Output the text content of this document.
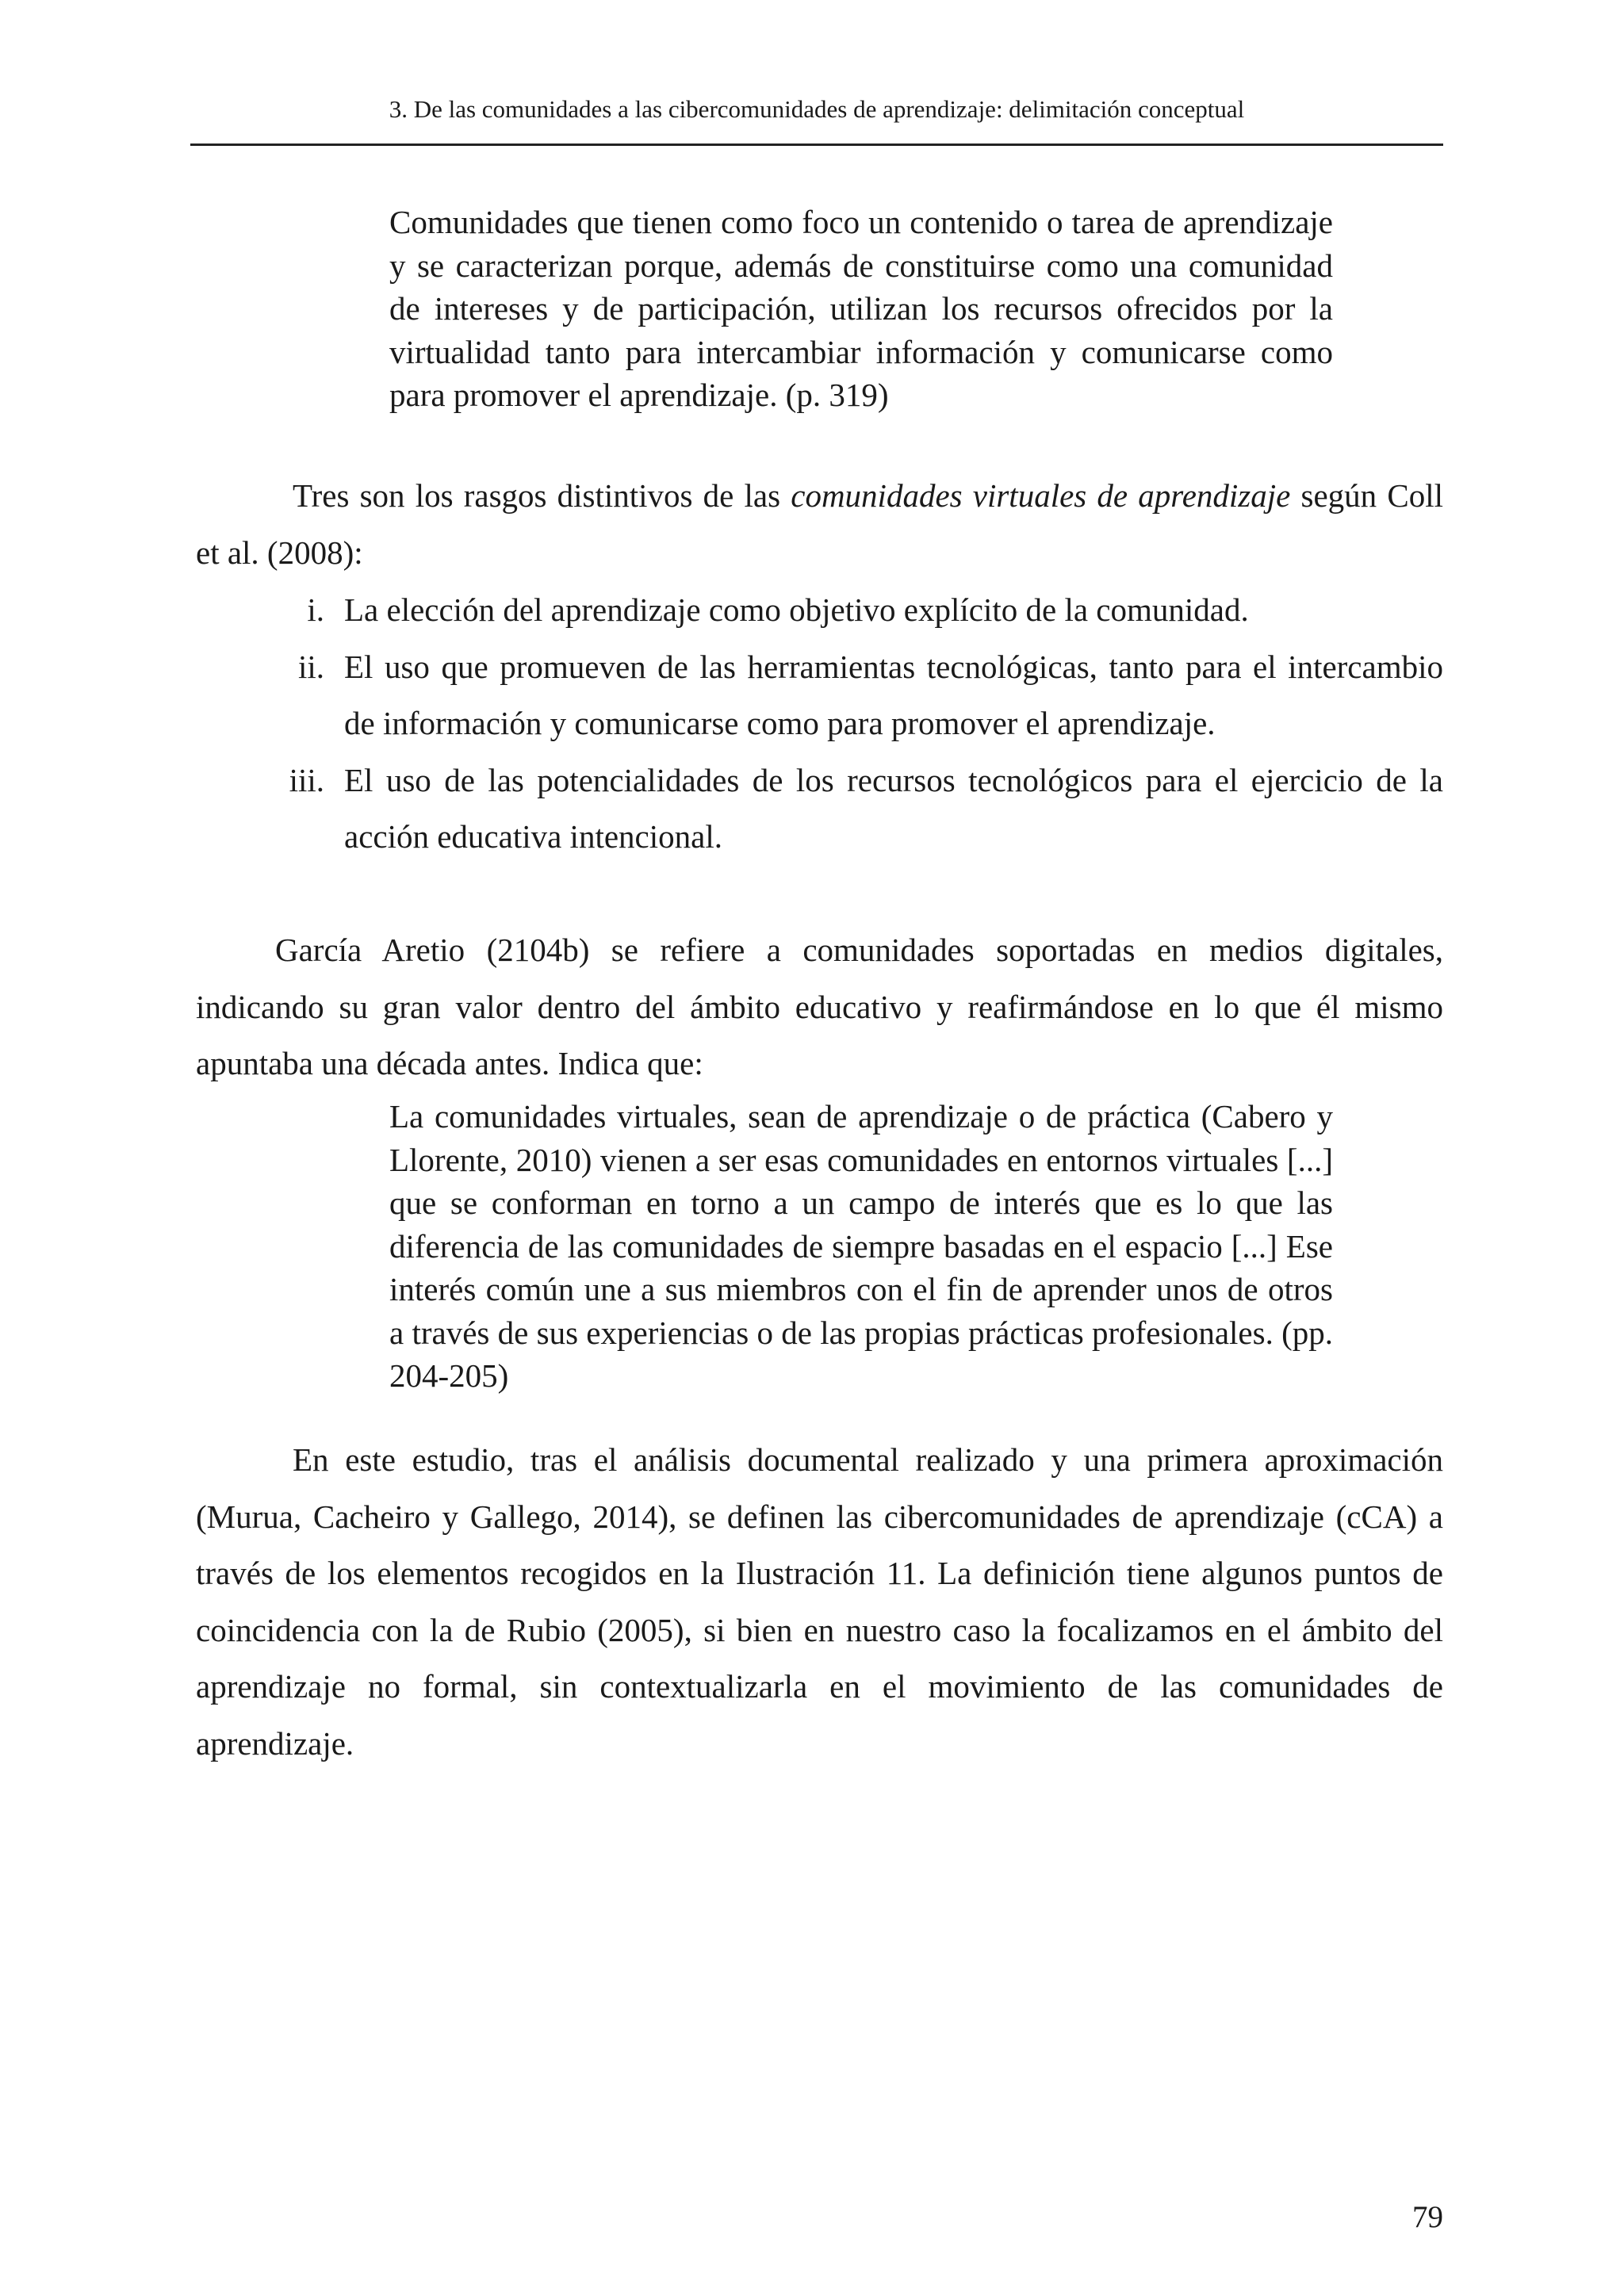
3. De las comunidades a las cibercomunidades de aprendizaje: delimitación conceptual

Comunidades que tienen como foco un contenido o tarea de aprendizaje y se caracterizan porque, además de constituirse como una comunidad de intereses y de participación, utilizan los recursos ofrecidos por la virtualidad tanto para intercambiar información y comunicarse como para promover el aprendizaje. (p. 319)

Tres son los rasgos distintivos de las comunidades virtuales de aprendizaje según Coll et al. (2008):

i. La elección del aprendizaje como objetivo explícito de la comunidad.
ii. El uso que promueven de las herramientas tecnológicas, tanto para el intercambio de información y comunicarse como para promover el aprendizaje.
iii. El uso de las potencialidades de los recursos tecnológicos para el ejercicio de la acción educativa intencional.

García Aretio (2104b) se refiere a comunidades soportadas en medios digitales, indicando su gran valor dentro del ámbito educativo y reafirmándose en lo que él mismo apuntaba una década antes. Indica que:

La comunidades virtuales, sean de aprendizaje o de práctica (Cabero y Llorente, 2010) vienen a ser esas comunidades en entornos virtuales [...] que se conforman en torno a un campo de interés que es lo que las diferencia de las comunidades de siempre basadas en el espacio [...] Ese interés común une a sus miembros con el fin de aprender unos de otros a través de sus experiencias o de las propias prácticas profesionales. (pp. 204-205)

En este estudio, tras el análisis documental realizado y una primera aproximación (Murua, Cacheiro y Gallego, 2014), se definen las cibercomunidades de aprendizaje (cCA) a través de los elementos recogidos en la Ilustración 11. La definición tiene algunos puntos de coincidencia con la de Rubio (2005), si bien en nuestro caso la focalizamos en el ámbito del aprendizaje no formal, sin contextualizarla en el movimiento de las comunidades de aprendizaje.

79
